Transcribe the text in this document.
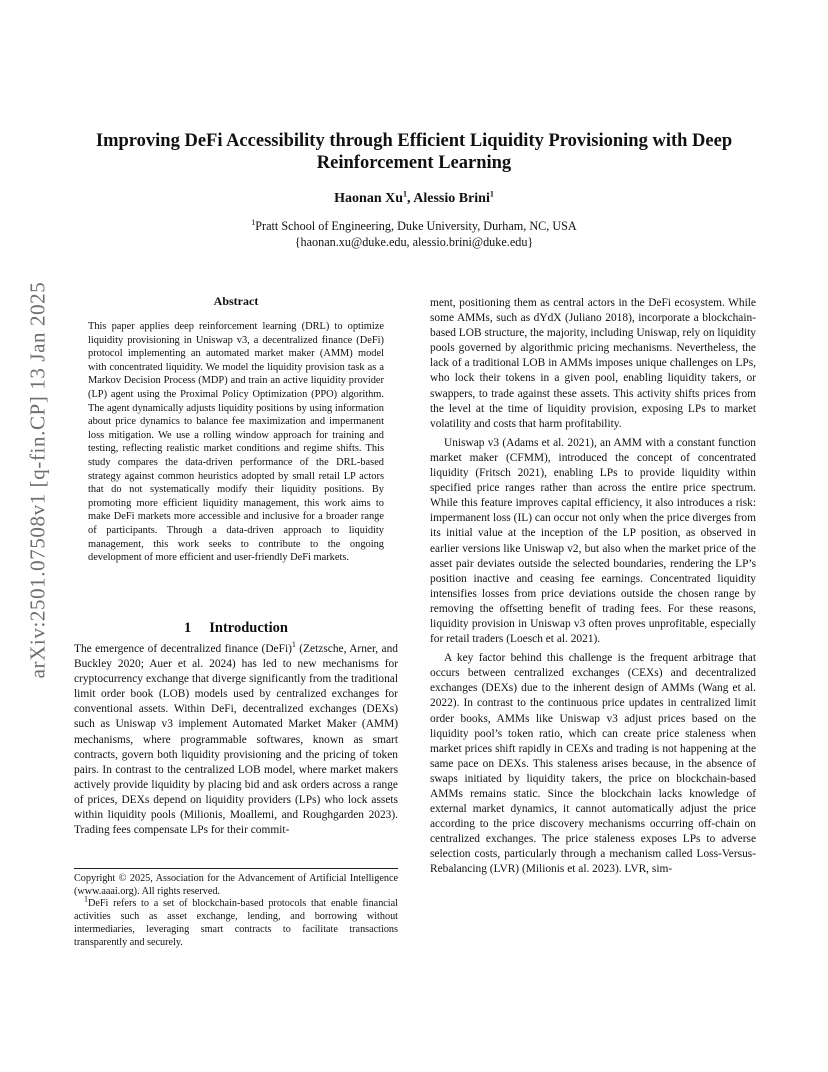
arXiv:2501.07508v1 [q-fin.CP] 13 Jan 2025
Improving DeFi Accessibility through Efficient Liquidity Provisioning with Deep Reinforcement Learning
Haonan Xu$^1$, Alessio Brini$^1$
$^1$Pratt School of Engineering, Duke University, Durham, NC, USA
{haonan.xu@duke.edu, alessio.brini@duke.edu}
Abstract
This paper applies deep reinforcement learning (DRL) to optimize liquidity provisioning in Uniswap v3, a decentralized finance (DeFi) protocol implementing an automated market maker (AMM) model with concentrated liquidity. We model the liquidity provision task as a Markov Decision Process (MDP) and train an active liquidity provider (LP) agent using the Proximal Policy Optimization (PPO) algorithm. The agent dynamically adjusts liquidity positions by using information about price dynamics to balance fee maximization and impermanent loss mitigation. We use a rolling window approach for training and testing, reflecting realistic market conditions and regime shifts. This study compares the data-driven performance of the DRL-based strategy against common heuristics adopted by small retail LP actors that do not systematically modify their liquidity positions. By promoting more efficient liquidity management, this work aims to make DeFi markets more accessible and inclusive for a broader range of participants. Through a data-driven approach to liquidity management, this work seeks to contribute to the ongoing development of more efficient and user-friendly DeFi markets.
1 Introduction
The emergence of decentralized finance (DeFi)$^1$ (Zetzsche, Arner, and Buckley 2020; Auer et al. 2024) has led to new mechanisms for cryptocurrency exchange that diverge significantly from the traditional limit order book (LOB) models used by centralized exchanges for conventional assets. Within DeFi, decentralized exchanges (DEXs) such as Uniswap v3 implement Automated Market Maker (AMM) mechanisms, where programmable softwares, known as smart contracts, govern both liquidity provisioning and the pricing of token pairs. In contrast to the centralized LOB model, where market makers actively provide liquidity by placing bid and ask orders across a range of prices, DEXs depend on liquidity providers (LPs) who lock assets within liquidity pools (Milionis, Moallemi, and Roughgarden 2023). Trading fees compensate LPs for their commit-
Copyright © 2025, Association for the Advancement of Artificial Intelligence (www.aaai.org). All rights reserved.
$^1$DeFi refers to a set of blockchain-based protocols that enable financial activities such as asset exchange, lending, and borrowing without intermediaries, leveraging smart contracts to facilitate transactions transparently and securely.

ment, positioning them as central actors in the DeFi ecosystem. While some AMMs, such as dYdX (Juliano 2018), incorporate a blockchain-based LOB structure, the majority, including Uniswap, rely on liquidity pools governed by algorithmic pricing mechanisms. Nevertheless, the lack of a traditional LOB in AMMs imposes unique challenges on LPs, who lock their tokens in a given pool, enabling liquidity takers, or swappers, to trade against these assets. This activity shifts prices from the level at the time of liquidity provision, exposing LPs to market volatility and costs that harm profitability.

Uniswap v3 (Adams et al. 2021), an AMM with a constant function market maker (CFMM), introduced the concept of concentrated liquidity (Fritsch 2021), enabling LPs to provide liquidity within specified price ranges rather than across the entire price spectrum. While this feature improves capital efficiency, it also introduces a risk: impermanent loss (IL) can occur not only when the price diverges from its initial value at the inception of the LP position, as observed in earlier versions like Uniswap v2, but also when the market price of the asset pair deviates outside the selected boundaries, rendering the LP’s position inactive and ceasing fee earnings. Concentrated liquidity intensifies losses from price deviations outside the chosen range by removing the offsetting benefit of trading fees. For these reasons, liquidity provision in Uniswap v3 often proves unprofitable, especially for retail traders (Loesch et al. 2021).

A key factor behind this challenge is the frequent arbitrage that occurs between centralized exchanges (CEXs) and decentralized exchanges (DEXs) due to the inherent design of AMMs (Wang et al. 2022). In contrast to the continuous price updates in centralized limit order books, AMMs like Uniswap v3 adjust prices based on the liquidity pool’s token ratio, which can create price staleness when market prices shift rapidly in CEXs and trading is not happening at the same pace on DEXs. This staleness arises because, in the absence of swaps initiated by liquidity takers, the price on blockchain-based AMMs remains static. Since the blockchain lacks knowledge of external market dynamics, it cannot automatically adjust the price according to the price discovery mechanisms occurring off-chain on centralized exchanges. The price staleness exposes LPs to adverse selection costs, particularly through a mechanism called Loss-Versus-Rebalancing (LVR) (Milionis et al. 2023). LVR, sim-
